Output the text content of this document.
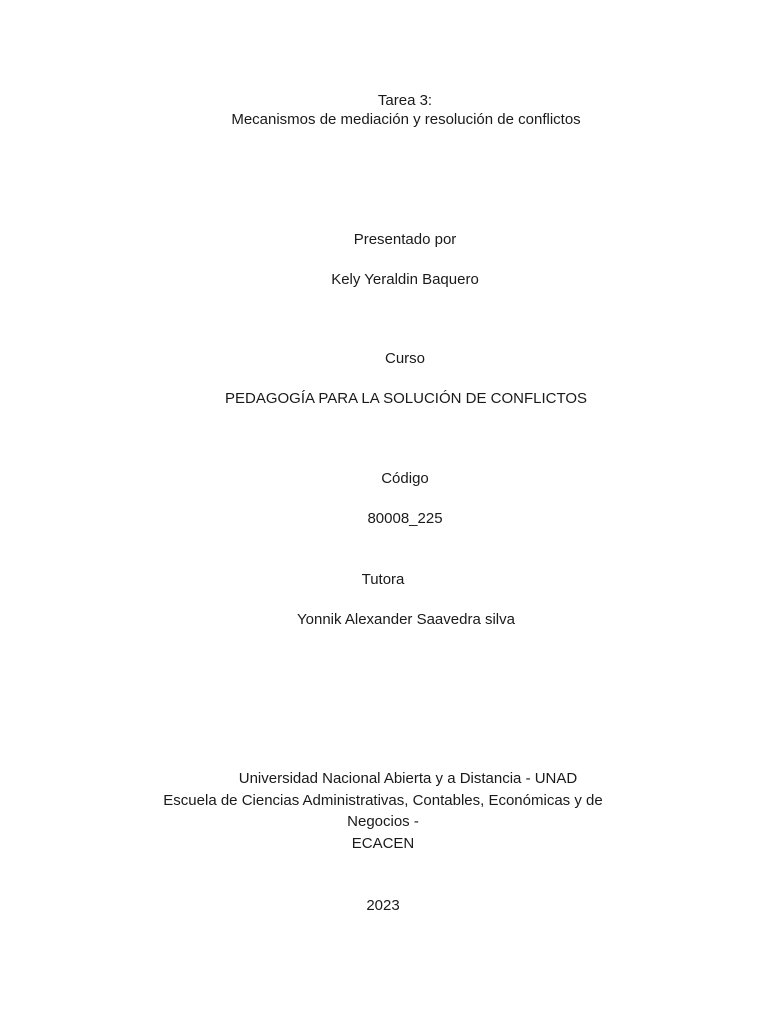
Tarea 3:
Mecanismos de mediación y resolución de conflictos
Presentado por
Kely Yeraldin Baquero
Curso
PEDAGOGÍA PARA LA SOLUCIÓN DE CONFLICTOS
Código
80008_225
Tutora
Yonnik Alexander Saavedra silva
Universidad Nacional Abierta y a Distancia - UNAD
Escuela de Ciencias Administrativas, Contables, Económicas y de
Negocios -
ECACEN
2023
